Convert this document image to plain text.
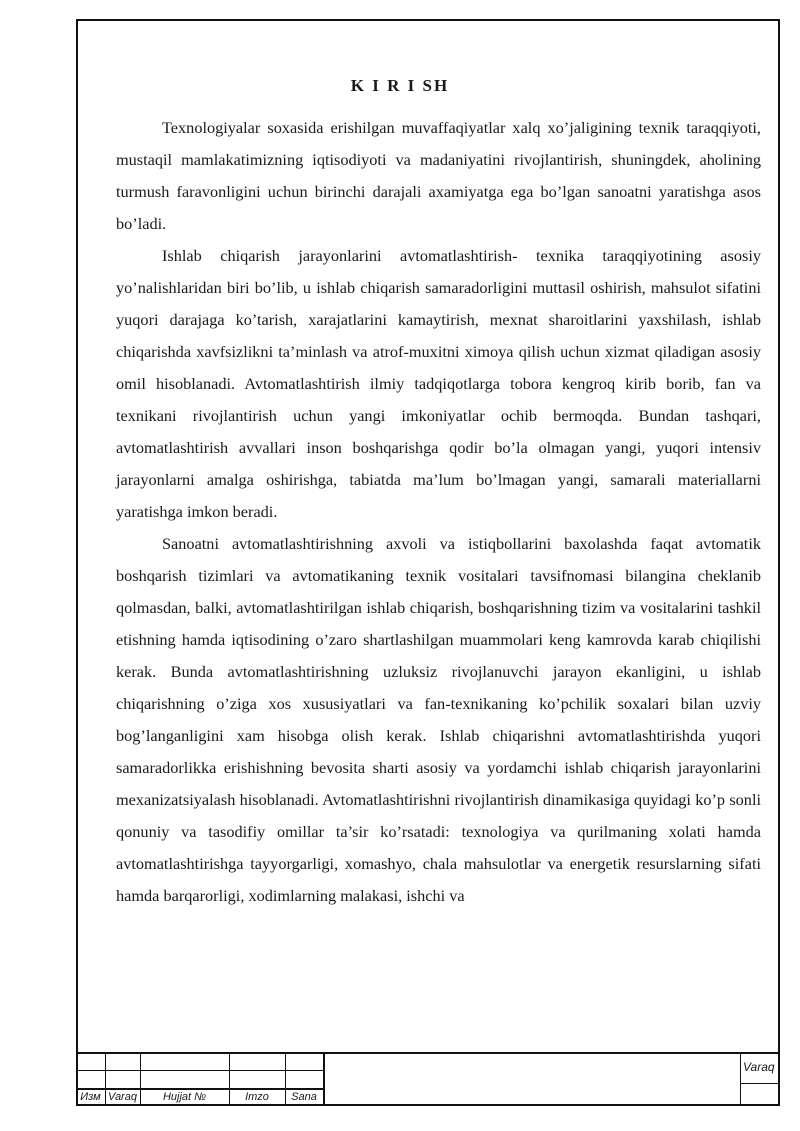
K I R I SH

Texnologiyalar soxasida erishilgan muvaffaqiyatlar xalq xo’jaligining texnik taraqqiyoti, mustaqil mamlakatimizning iqtisodiyoti va madaniyatini rivojlantirish, shuningdek, aholining turmush faravonligini uchun birinchi darajali axamiyatga ega bo’lgan sanoatni yaratishga asos bo’ladi.

Ishlab chiqarish jarayonlarini avtomatlashtirish- texnika taraqqiyotining asosiy yo’nalishlaridan biri bo’lib, u ishlab chiqarish samaradorligini muttasil oshirish, mahsulot sifatini yuqori darajaga ko’tarish, xarajatlarini kamaytirish, mexnat sharoitlarini yaxshilash, ishlab chiqarishda xavfsizlikni ta’minlash va atrof-muxitni ximoya qilish uchun xizmat qiladigan asosiy omil hisoblanadi. Avtomatlashtirish ilmiy tadqiqotlarga tobora kengroq kirib borib, fan va texnikani rivojlantirish uchun yangi imkoniyatlar ochib bermoqda. Bundan tashqari, avtomatlashtirish avvallari inson boshqarishga qodir bo’la olmagan yangi, yuqori intensiv jarayonlarni amalga oshirishga, tabiatda ma’lum bo’lmagan yangi, samarali materiallarni yaratishga imkon beradi.

Sanoatni avtomatlashtirishning axvoli va istiqbollarini baxolashda faqat avtomatik boshqarish tizimlari va avtomatikaning texnik vositalari tavsifnomasi bilangina cheklanib qolmasdan, balki, avtomatlashtirilgan ishlab chiqarish, boshqarishning tizim va vositalarini tashkil etishning hamda iqtisodining o’zaro shartlashilgan muammolari keng kamrovda karab chiqilishi kerak. Bunda avtomatlashtirishning uzluksiz rivojlanuvchi jarayon ekanligini, u ishlab chiqarishning o’ziga xos xususiyatlari va fan-texnikaning ko’pchilik soxalari bilan uzviy bog’langanligini xam hisobga olish kerak. Ishlab chiqarishni avtomatlashtirishda yuqori samaradorlikka erishishning bevosita sharti asosiy va yordamchi ishlab chiqarish jarayonlarini mexanizatsiyalash hisoblanadi. Avtomatlashtirishni rivojlantirish dinamikasiga quyidagi ko’p sonli qonuniy va tasodifiy omillar ta’sir ko’rsatadi: texnologiya va qurilmaning xolati hamda avtomatlashtirishga tayyorgarligi, xomashyo, chala mahsulotlar va energetik resurslarning sifati hamda barqarorligi, xodimlarning malakasi, ishchi va

Изм Varaq	Hujjat №	Imzo	Sana
Varaq
